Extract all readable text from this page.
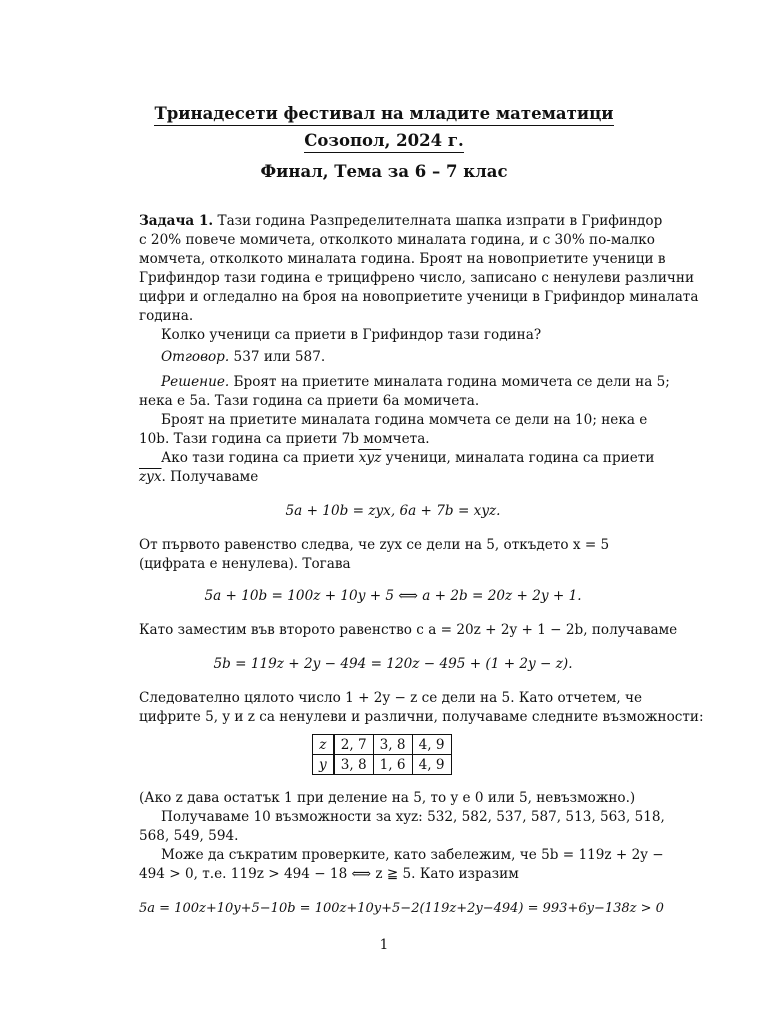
Тринадесети фестивал на младите математици
Созопол, 2024 г.
Финал, Тема за 6 – 7 клас
Задача 1. Тази година Разпределителната шапка изпрати в Грифиндор
с 20% повече момичета, отколкото миналата година, и с 30% по-малко
момчета, отколкото миналата година. Броят на новоприетите ученици в
Грифиндор тази година е трицифрено число, записано с ненулеви различни
цифри и огледално на броя на новоприетите ученици в Грифиндор миналата
година.
Колко ученици са приети в Грифиндор тази година?
Отговор. 537 или 587.
Решение. Броят на приетите миналата година момичета се дели на 5;
нека е 5a. Тази година са приети 6a момичета.
Броят на приетите миналата година момчета се дели на 10; нека е
10b. Тази година са приети 7b момчета.
Ако тази година са приети $\overline{xyz}$ ученици, миналата година са приети
$\overline{zyx}$. Получаваме
5a + 10b = zyx, 6a + 7b = xyz.
От първото равенство следва, че zyx се дели на 5, откъдето x = 5
(цифрата е ненулева). Тогава
5a + 10b = 100z + 10y + 5 ⟺ a + 2b = 20z + 2y + 1.
Като заместим във второто равенство с a = 20z + 2y + 1 − 2b, получаваме
5b = 119z + 2y − 494 = 120z − 495 + (1 + 2y − z).
Следователно цялото число 1 + 2y − z се дели на 5. Като отчетем, че
цифрите 5, y и z са ненулеви и различни, получаваме следните възможности:
z	2, 7	3, 8	4, 9
y	3, 8	1, 6	4, 9
(Ако z дава остатък 1 при деление на 5, то y е 0 или 5, невъзможно.)
Получаваме 10 възможности за xyz: 532, 582, 537, 587, 513, 563, 518,
568, 549, 594.
Може да съкратим проверките, като забележим, че 5b = 119z + 2y −
494 > 0, т.е. 119z > 494 − 18 ⟺ z ≧ 5. Като изразим
5a = 100z+10y+5−10b = 100z+10y+5−2(119z+2y−494) = 993+6y−138z > 0
1
